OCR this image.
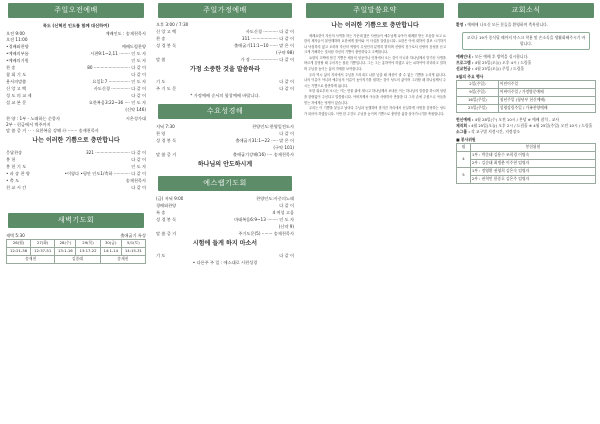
주일오전예배
묵도 (신혁진 인도를 함께 대신하여)
오전 9:00	예배인도 : 송재천목사
오전 11:00
•경배와찬양	예배드림찬양
•예배의부름	시편9:1~2,11 ········ 인 도 자
•예배의기원	인 도 자
찬 송	80 ··························· 다 같 이
참 회 기 도	다 같 이
용서의말씀	요일1:7 ················ 인 도 자
신 앙 고 백	사도신경 ·············· 다 같 이
성 도 의 교 제	다 같 이
설 교 본 문	요한복음3:22~36 ···· 인 도 자
(신약 146)
찬 양 : 1부 - 노래하는 순종자	시온성가대
2부 - 헌금에서 벽주까지
말 씀 증 거 · · · 요한복음 강해 ⑭ ······· 송재천목사
나는 이러한 기쁨으로 충만합니다
응답찬송	321 ·························· 다 같 이
봉 헌	다 같 이
봉 헌 기 도	인 도 자
• 파 송 찬 양	•이렇다 •평안 인도1/축하 ············ 다 같 이
• 축 도	송재천목사
친 교 시 간	다 같 이
새벽기도회
새벽 5:30	출애굽기 특상
26(월)	27(화)	28(수)	29(목)	30(금)	5/1(토)
12:21-36	12:37-51	13:1-16	13:17-22	14:1-14	14:15-31
송재천		김종래		송재천	
주일가정예배
오후 3:00 / 7:30
신 앙 고 백	사도신경 ··········· 다 같 이
찬 송	311 ···················· 다 같 이
성 경 봉 독	출애굽기11:1~10 ······ 맡 은 이
(구약 98)
말 씀	가 장 ···················· 다 같 이
가정 소중한 것을 말씀하라
기 도	다 같 이
주 기 도 문	다 같 이
* 가정예배 순서의 합창예배 바랍니다.
수요성경해
저녁 7:30	찬양인도:한영일전도사
찬 양	다 같 이
성 경 봉 독	출애굽기31:1~22 ····· 맡 은 이
(구약 101)
말 씀 증 거	출애굽기강해(16) ···· 송재천목사
하나님의 안도하시게
예스랩기도회
(금) 저녁 9:00	찬양인도:사중의노래
경배와찬양	다 같 이
특 송	4 여성 고음
성 경 봉 독	마태복음6:9~13 ········ 인 도 자
(신약 9)
말 씀 증 거	주기도문(5) ········ 송재천목사
시험에 들게 하지 마소서
기 도	다 같 이
• 다른주 주 일 : 에스대로 시편성경
주일말씀요약
나는 이러한 기쁨으로 충만합니다

세례요한이 자신의 사역을 하는 가운데 많은 사람들이 예수님께 나아가 세례를 받는 모습을 보고 요한의 제자들이 불안해하며 요한에게 찾아와 이 사실을 알렸습니다. 요한은 이에 대하여 결코 시기하거나 낙심하지 않고 오히려 자신의 역할이 무엇인지 분명히 밝히며 신랑의 친구로서 신랑의 음성을 듣고 크게 기뻐하는 것처럼 자신의 기쁨이 충만하다고 고백합니다.

요한의 고백에 담긴 기쁨은 세상의 성공이나 인정에서 오는 것이 아니라 하나님께서 맡기신 사명을 바르게 감당할 때 주어지는 참된 기쁨입니다. 그는 그는 흥하여야 하겠고 나는 쇠하여야 하리라고 말하며 주님을 높이는 삶의 자세를 보여줍니다.

우리 역시 삶의 자리에서 주님을 드러내고 나를 낮출 때 세상이 줄 수 없는 기쁨을 누리게 됩니다. 나의 이름이 아니라 예수님의 이름이 높아지기를 원하는 것이 성도의 삶이며 그러할 때 하나님께서 주시는 기쁨으로 충만하게 됩니다.

또한 위로부터 오시는 이는 만물 위에 계시고 하나님께서 보내신 이는 하나님의 말씀을 하시며 성령을 한량없이 주신다고 말씀합니다. 아버지께서 아들을 사랑하사 만물을 다 그의 손에 주셨으니 아들을 믿는 자에게는 영생이 있습니다.

우리는 이 기쁨을 붙들고 날마다 주님과 동행하며 맡겨진 자리에서 신실하게 사명을 감당하는 성도가 되어야 하겠습니다. 이번 한 주간도 주님을 높이며 기쁨으로 충만한 삶을 살아가시기를 축원합니다.

교회소식
환영 : 예배에 나오신 모든 분들을 환영하며 축복합니다.
코로나 19가 종식될 때까지 마스크 착용 및 손소독을 생활화해주시기 바랍니다.
예배안내 : 모든 예배 후 방역을 실시합니다.
프로그램 : 4월 25일(오늘) 오후 4시 / 드림홀
선교헌금 : 4월 25일(오늘) 주일 / 드림홀
5월의 주요 행사
2일(주일)	어린이주일
9일(주일)	어버이주일 / 가정방문예배
16일(주일)	청년주일 (청년부 헌신예배)
23일(주일)	성령강림주일 / 가족찬양예배
헌신예배 : 4월 28일(수) 오전 10시 / 본당 ※ 예배 참석 - 교사
제직회 : 4월 25일(오늘) 오후 2시 / 드림홀 ※ 4월 25일(주일) 오전 10시 / 드림홀
소그룹 : 각 교구별 지정시간, 지정장소
■ 봉사위원
월	봉헌위원
4	1부 : 박준태 김용수 조희경 이명숙
	2부 : 김순태 최병춘 이주현 임명자
5	1부 : 정영환 권영희 김은숙 임명자
	2부 : 권혁민 한종호 김은주 임명자
